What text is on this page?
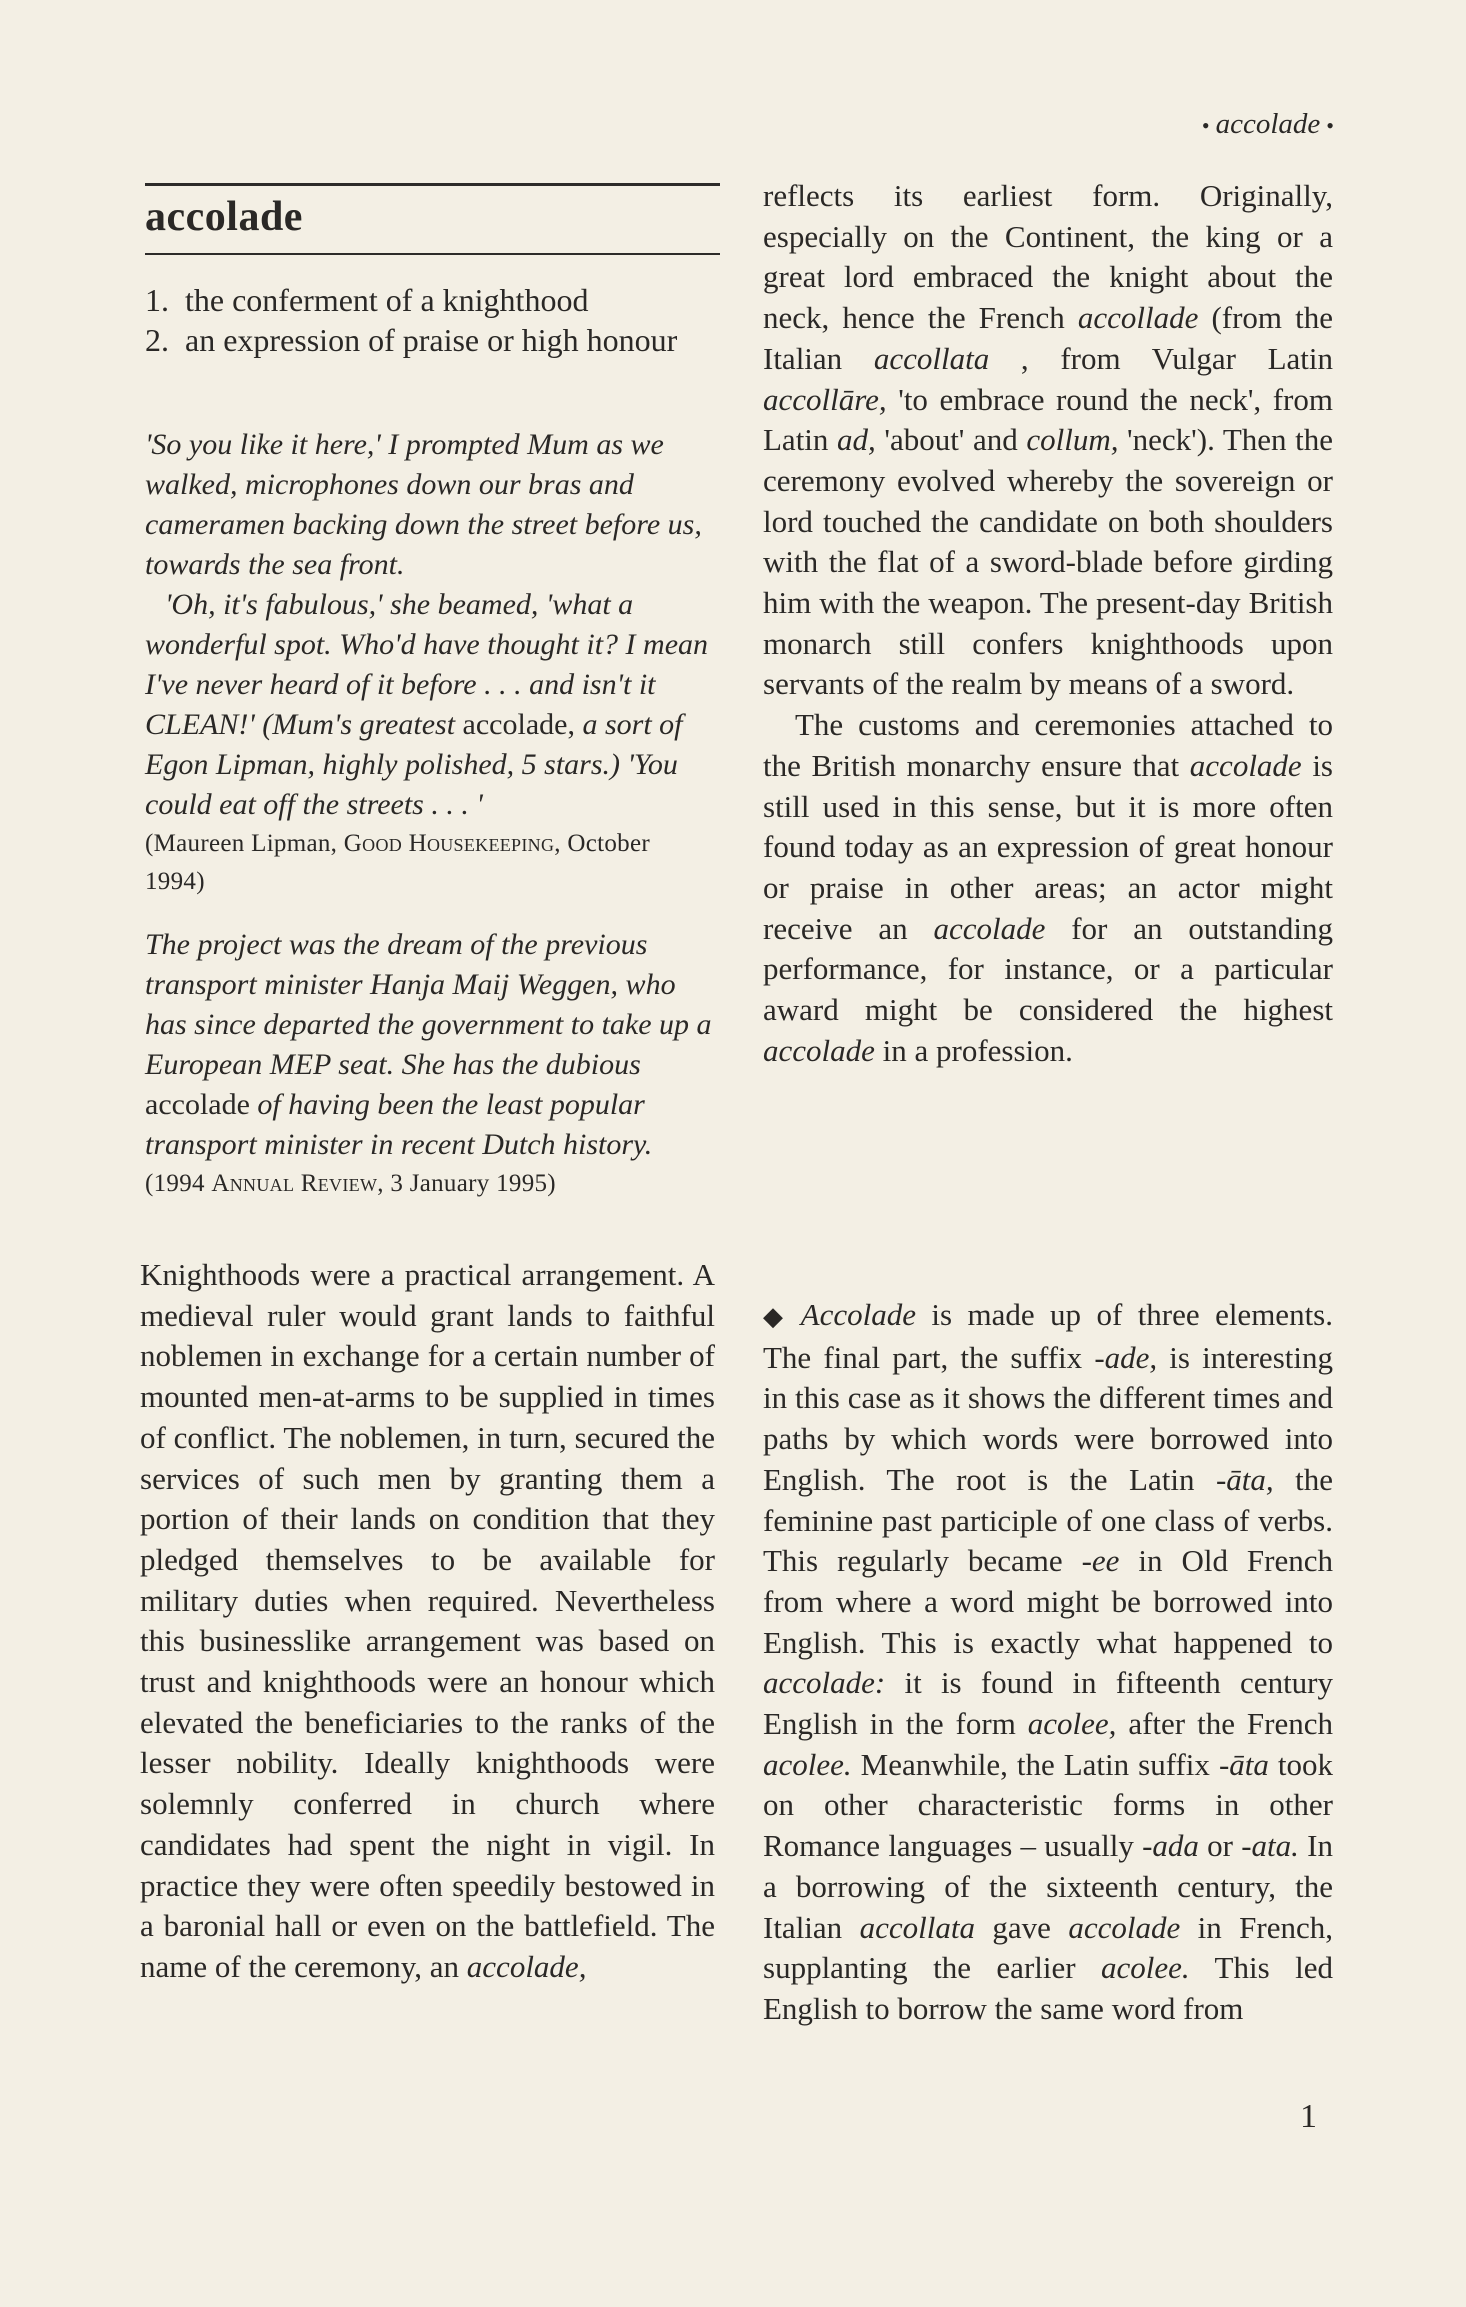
• accolade •
accolade
1. the conferment of a knighthood
2. an expression of praise or high honour
'So you like it here,' I prompted Mum as we walked, microphones down our bras and cameramen backing down the street before us, towards the sea front.
'Oh, it's fabulous,' she beamed, 'what a wonderful spot. Who'd have thought it? I mean I've never heard of it before . . . and isn't it CLEAN!' (Mum's greatest accolade, a sort of Egon Lipman, highly polished, 5 stars.) 'You could eat off the streets . . . '
(Maureen Lipman, Good Housekeeping, October 1994)
The project was the dream of the previous transport minister Hanja Maij Weggen, who has since departed the government to take up a European MEP seat. She has the dubious accolade of having been the least popular transport minister in recent Dutch history.
(1994 Annual Review, 3 January 1995)

reflects its earliest form. Originally, especially on the Continent, the king or a great lord embraced the knight about the neck, hence the French accollade (from the Italian accollata , from Vulgar Latin accollāre, 'to embrace round the neck', from Latin ad, 'about' and collum, 'neck'). Then the ceremony evolved whereby the sovereign or lord touched the candidate on both shoulders with the flat of a sword-blade before girding him with the weapon. The present-day British monarch still confers knighthoods upon servants of the realm by means of a sword.

The customs and ceremonies attached to the British monarchy ensure that accolade is still used in this sense, but it is more often found today as an expression of great honour or praise in other areas; an actor might receive an accolade for an outstanding performance, for instance, or a particular award might be considered the highest accolade in a profession.

Knighthoods were a practical arrangement. A medieval ruler would grant lands to faithful noblemen in exchange for a certain number of mounted men-at-arms to be supplied in times of conflict. The noblemen, in turn, secured the services of such men by granting them a portion of their lands on condition that they pledged themselves to be available for military duties when required. Nevertheless this businesslike arrangement was based on trust and knighthoods were an honour which elevated the beneficiaries to the ranks of the lesser nobility. Ideally knighthoods were solemnly conferred in church where candidates had spent the night in vigil. In practice they were often speedily bestowed in a baronial hall or even on the battlefield. The name of the ceremony, an accolade,

◆ Accolade is made up of three elements. The final part, the suffix -ade, is interesting in this case as it shows the different times and paths by which words were borrowed into English. The root is the Latin -āta, the feminine past participle of one class of verbs. This regularly became -ee in Old French from where a word might be borrowed into English. This is exactly what happened to accolade: it is found in fifteenth century English in the form acolee, after the French acolee. Meanwhile, the Latin suffix -āta took on other characteristic forms in other Romance languages – usually -ada or -ata. In a borrowing of the sixteenth century, the Italian accollata gave accolade in French, supplanting the earlier acolee. This led English to borrow the same word from

1
